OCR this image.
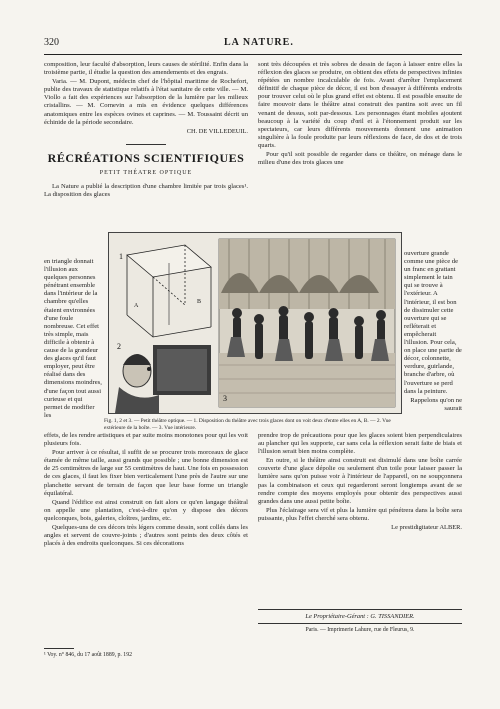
320	LA NATURE.

composition, leur faculté d'absorption, leurs causes de stérilité. Enfin dans la troisième partie, il étudie la question des amendements et des engrais.

Varia. — M. Dupont, médecin chef de l'hôpital maritime de Rochefort, publie des travaux de statistique relatifs à l'état sanitaire de cette ville. — M. Viollo a fait des expériences sur l'absorption de la lumière par les milieux cristallins. — M. Cornevin a mis en évidence quelques différences anatomiques entre les espèces ovines et caprines. — M. Toussaint décrit un échinide de la période secondaire.

CH. DE VILLEDEUIL.
RÉCRÉATIONS SCIENTIFIQUES
PETIT THÉATRE OPTIQUE

La Nature a publié la description d'une chambre limitée par trois glaces¹. La disposition des glaces

en triangle donnait l'illusion aux quelques personnes pénétrant ensemble dans l'intérieur de la chambre qu'elles étaient environnées d'une foule nombreuse. Cet effet très simple, mais difficile à obtenir à cause de la grandeur des glaces qu'il faut employer, peut être réalisé dans des dimensions moindres, d'une façon tout aussi curieuse et qui permet de modifier les

sont très découpées et très sobres de dessin de façon à laisser entre elles la réflexion des glaces se produire, on obtient des effets de perspectives infinies répétées un nombre incalculable de fois. Avant d'arrêter l'emplacement définitif de chaque pièce de décor, il est bon d'essayer à différents endroits pour trouver celui où le plus grand effet est obtenu. Il est possible ensuite de faire mouvoir dans le théâtre ainsi construit des pantins soit avec un fil venant de dessus, soit par-dessous. Les personnages étant mobiles ajoutent beaucoup à la variété du coup d'œil et à l'étonnement produit sur les spectateurs, car leurs différents mouvements donnent une animation singulière à la foule produite par leurs réflexions de face, de dos et de trois quarts.

Pour qu'il soit possible de regarder dans ce théâtre, on ménage dans le milieu d'une des trois glaces une

ouverture grande comme une pièce de un franc en grattant simplement le tain qui se trouve à l'extérieur. A l'intérieur, il est bon de dissimuler cette ouverture qui se refléterait et empêcherait l'illusion. Pour cela, on place une partie de décor, colonnette, verdure, guirlande, branche d'arbre, où l'ouverture se perd dans la peinture.

Rappelons qu'on ne saurait

1
A
B
2
3
Fig. 1, 2 et 3. — Petit théâtre optique. — 1. Disposition du théâtre avec trois glaces dont on voit deux d'entre elles en A, B. — 2. Vue extérieure de la boîte. — 3. Vue intérieure.

effets, de les rendre artistiques et par suite moins monotones pour qui les voit plusieurs fois.

Pour arriver à ce résultat, il suffit de se procurer trois morceaux de glace étamée de même taille, aussi grands que possible ; une bonne dimension est de 25 centimètres de large sur 55 centimètres de haut. Une fois en possession de ces glaces, il faut les fixer bien verticalement l'une près de l'autre sur une planchette servant de terrain de façon que leur base forme un triangle équilatéral.

Quand l'édifice est ainsi construit on fait alors ce qu'en langage théâtral on appelle une plantation, c'est-à-dire qu'on y dispose des décors quelconques, bois, galeries, cloîtres, jardins, etc.

Quelques-uns de ces décors très légers comme dessin, sont collés dans les angles et servent de couvre-joints ; d'autres sont peints des deux côtés et placés à des endroits quelconques. Si ces décorations

prendre trop de précautions pour que les glaces soient bien perpendiculaires au plancher qui les supporte, car sans cela la réflexion serait faite de biais et l'illusion serait bien moins complète.

En outre, si le théâtre ainsi construit est disimulé dans une boîte carrée couverte d'une glace dépolie ou seulement d'un toile pour laisser passer la lumière sans qu'on puisse voir à l'intérieur de l'appareil, on ne soupçonnera pas la combinaison et ceux qui regarderont seront longtemps avant de se rendre compte des moyens employés pour obtenir des perspectives aussi grandes dans une aussi petite boîte.

Plus l'éclairage sera vif et plus la lumière qui pénétrera dans la boîte sera puissante, plus l'effet cherché sera obtenu.

Le prestidigitateur ALBER.
Le Propriétaire-Gérant : G. TISSANDIER.
Paris. — Imprimerie Lahure, rue de Fleurus, 9.
¹ Voy. n° 846, du 17 août 1889, p. 192
